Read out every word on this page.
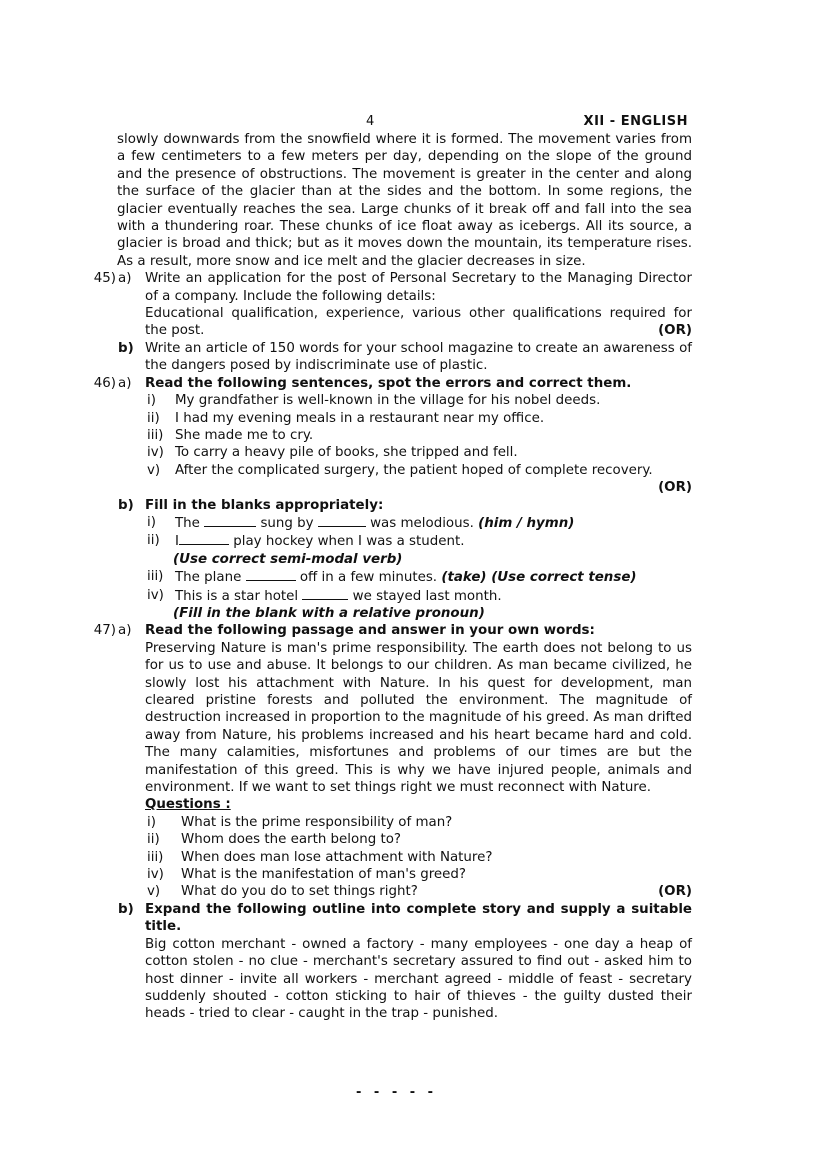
4	XII - ENGLISH

slowly downwards from the snowfield where it is formed. The movement varies from a few centimeters to a few meters per day, depending on the slope of the ground and the presence of obstructions. The movement is greater in the center and along the surface of the glacier than at the sides and the bottom. In some regions, the glacier eventually reaches the sea. Large chunks of it break off and fall into the sea with a thundering roar. These chunks of ice float away as icebergs. All its source, a glacier is broad and thick; but as it moves down the mountain, its temperature rises. As a result, more snow and ice melt and the glacier decreases in size.

45) a) Write an application for the post of Personal Secretary to the Managing Director of a company. Include the following details:
Educational qualification, experience, various other qualifications required for the post.	(OR)
b) Write an article of 150 words for your school magazine to create an awareness of the dangers posed by indiscriminate use of plastic.
46) a) Read the following sentences, spot the errors and correct them.
i) My grandfather is well-known in the village for his nobel deeds.
ii) I had my evening meals in a restaurant near my office.
iii) She made me to cry.
iv) To carry a heavy pile of books, she tripped and fell.
v) After the complicated surgery, the patient hoped of complete recovery.
(OR)
b) Fill in the blanks appropriately:
i) The	sung by	was melodious. (him / hymn)
ii) I	play hockey when I was a student.
(Use correct semi-modal verb)
iii) The plane	off in a few minutes. (take) (Use correct tense)
iv) This is a star hotel	we stayed last month.
(Fill in the blank with a relative pronoun)
47) a) Read the following passage and answer in your own words:
Preserving Nature is man's prime responsibility. The earth does not belong to us for us to use and abuse. It belongs to our children. As man became civilized, he slowly lost his attachment with Nature. In his quest for development, man cleared pristine forests and polluted the environment. The magnitude of destruction increased in proportion to the magnitude of his greed. As man drifted away from Nature, his problems increased and his heart became hard and cold. The many calamities, misfortunes and problems of our times are but the manifestation of this greed. This is why we have injured people, animals and environment. If we want to set things right we must reconnect with Nature.
Questions :
i) What is the prime responsibility of man?
ii) Whom does the earth belong to?
iii) When does man lose attachment with Nature?
iv) What is the manifestation of man's greed?
v) What do you do to set things right?	(OR)
b) Expand the following outline into complete story and supply a suitable title.
Big cotton merchant - owned a factory - many employees - one day a heap of cotton stolen - no clue - merchant's secretary assured to find out - asked him to host dinner - invite all workers - merchant agreed - middle of feast - secretary suddenly shouted - cotton sticking to hair of thieves - the guilty dusted their heads - tried to clear - caught in the trap - punished.
- - - - -
